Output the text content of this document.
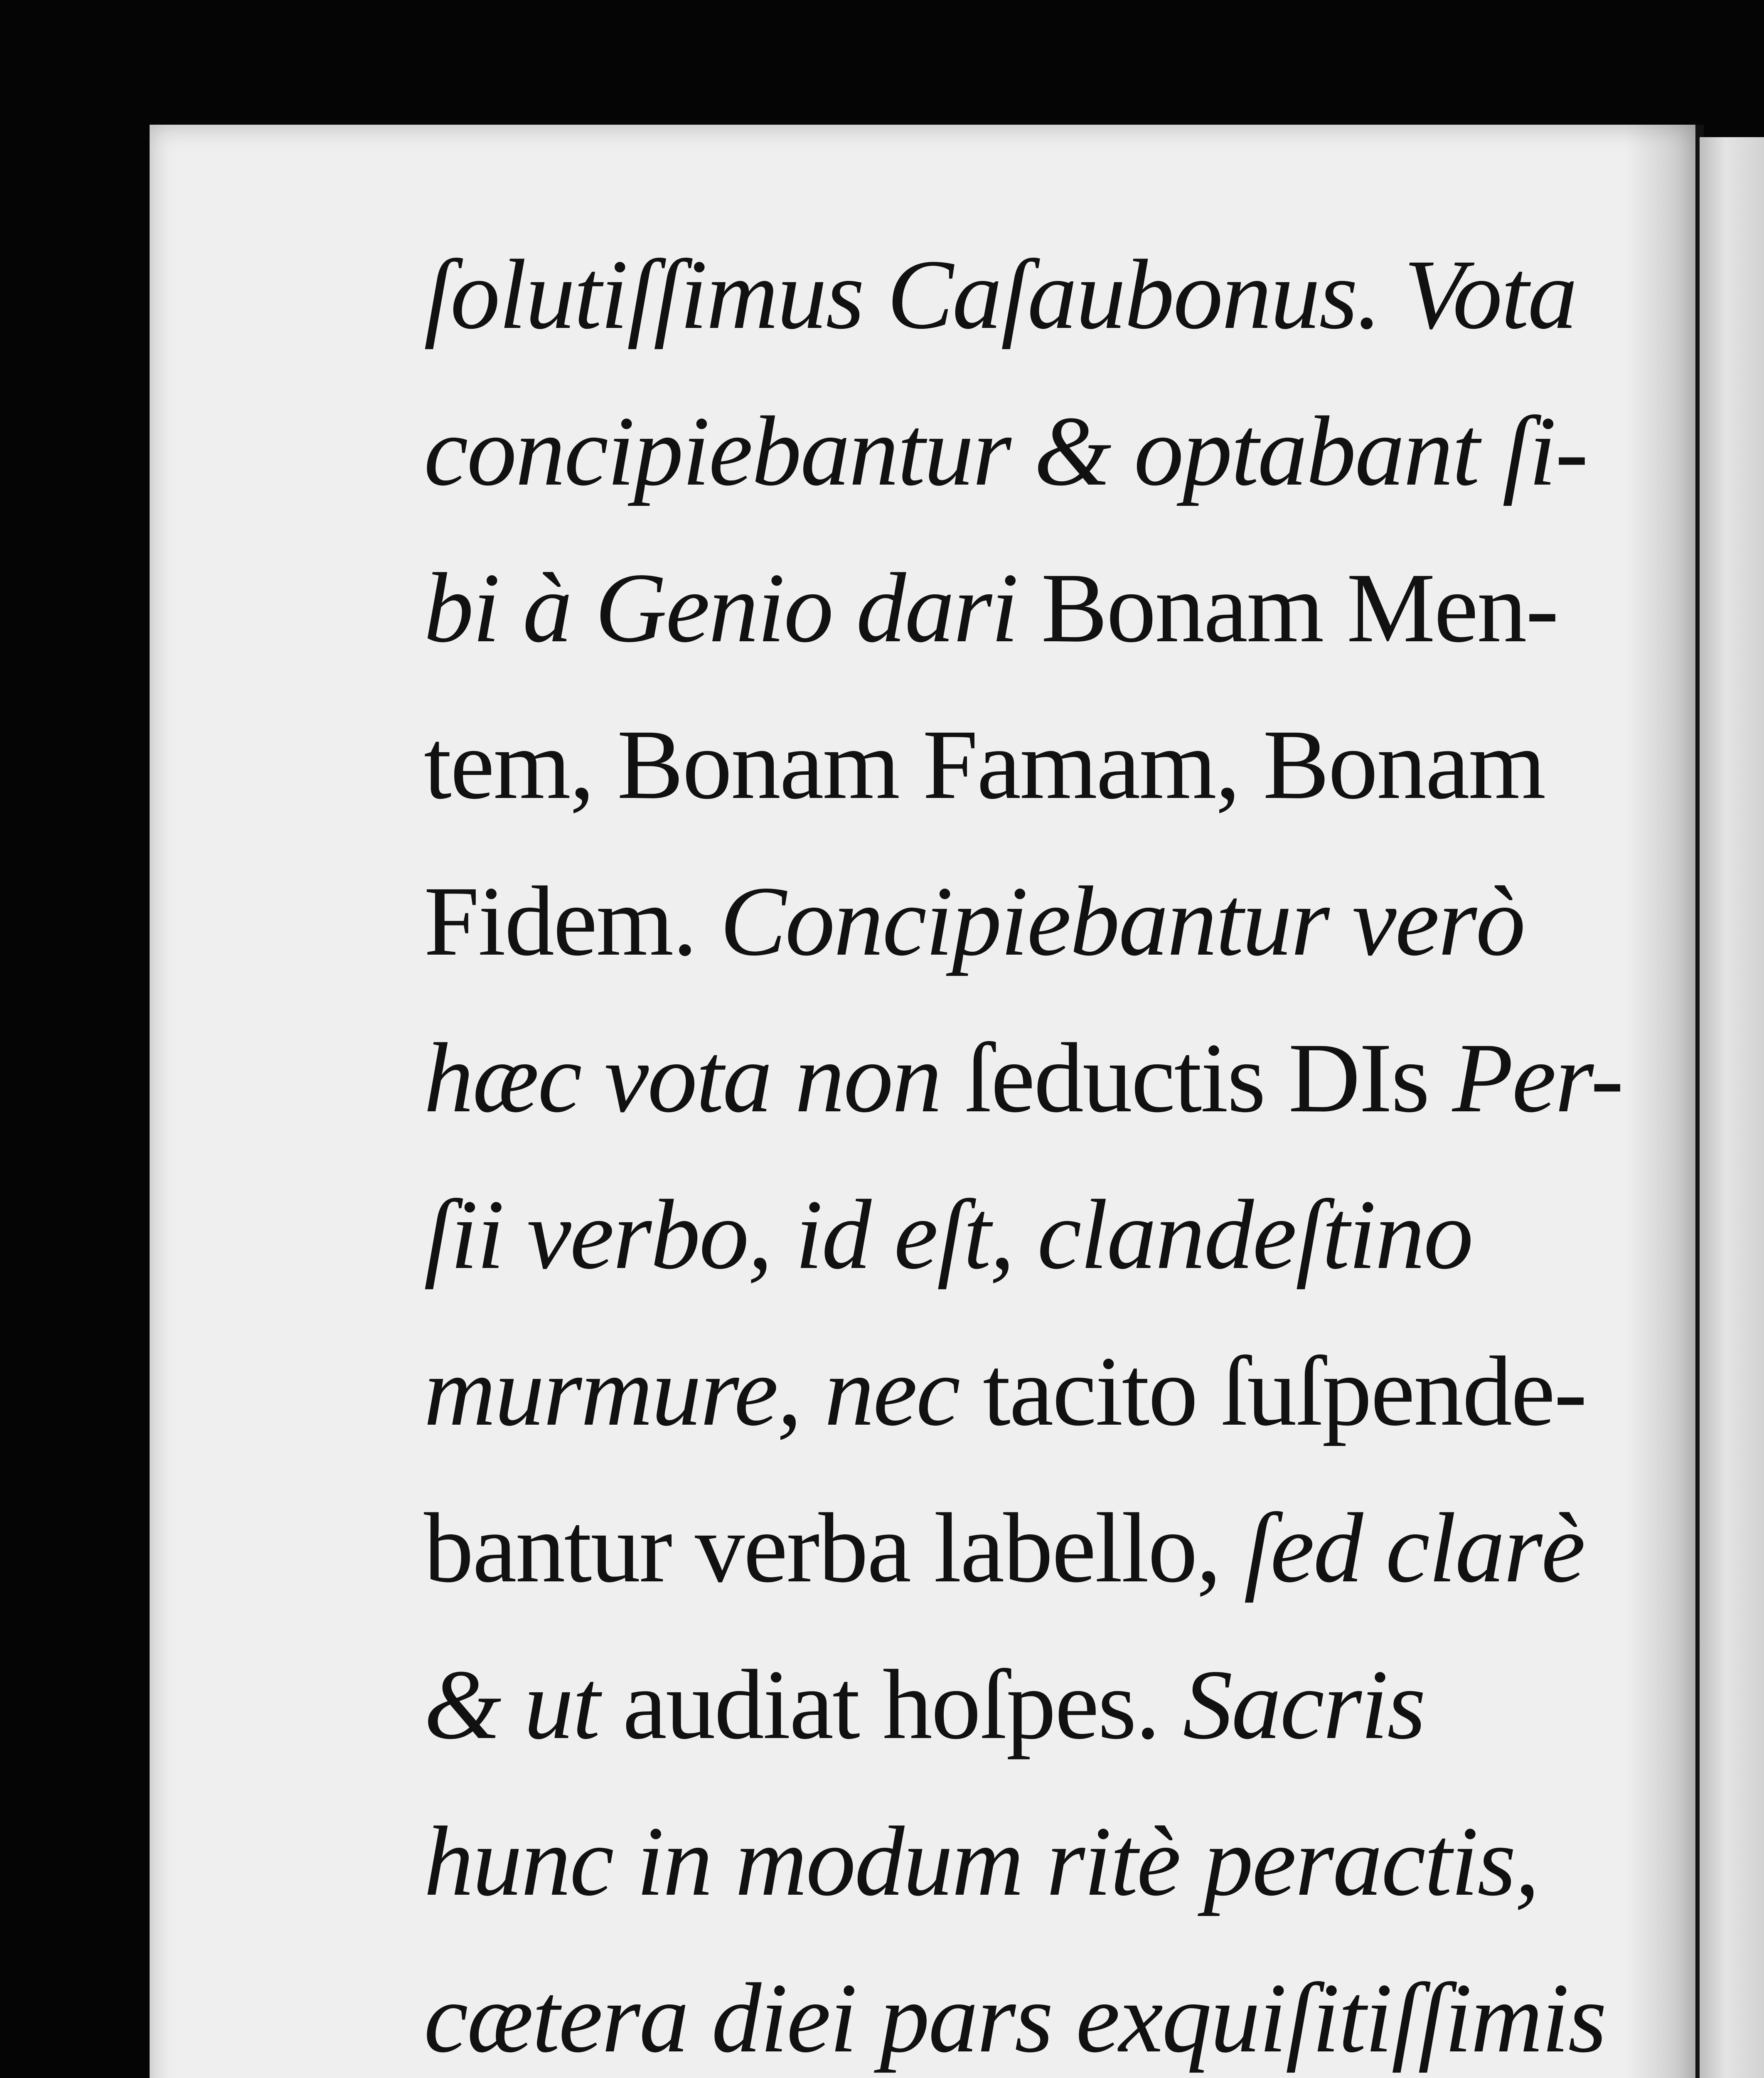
ſolutiſſimus Caſaubonus. Vota
concipiebantur & optabant ſi-
bi à Genio dari Bonam Men-
tem, Bonam Famam, Bonam
Fidem. Concipiebantur verò
hæc vota non ſeductis DIs Per-
ſii verbo, id eſt, clandeſtino
murmure, nec tacito ſuſpende-
bantur verba labello, ſed clarè
& ut audiat hoſpes. Sacris
hunc in modum ritè peractis,
cætera diei pars exquiſitiſſimis
